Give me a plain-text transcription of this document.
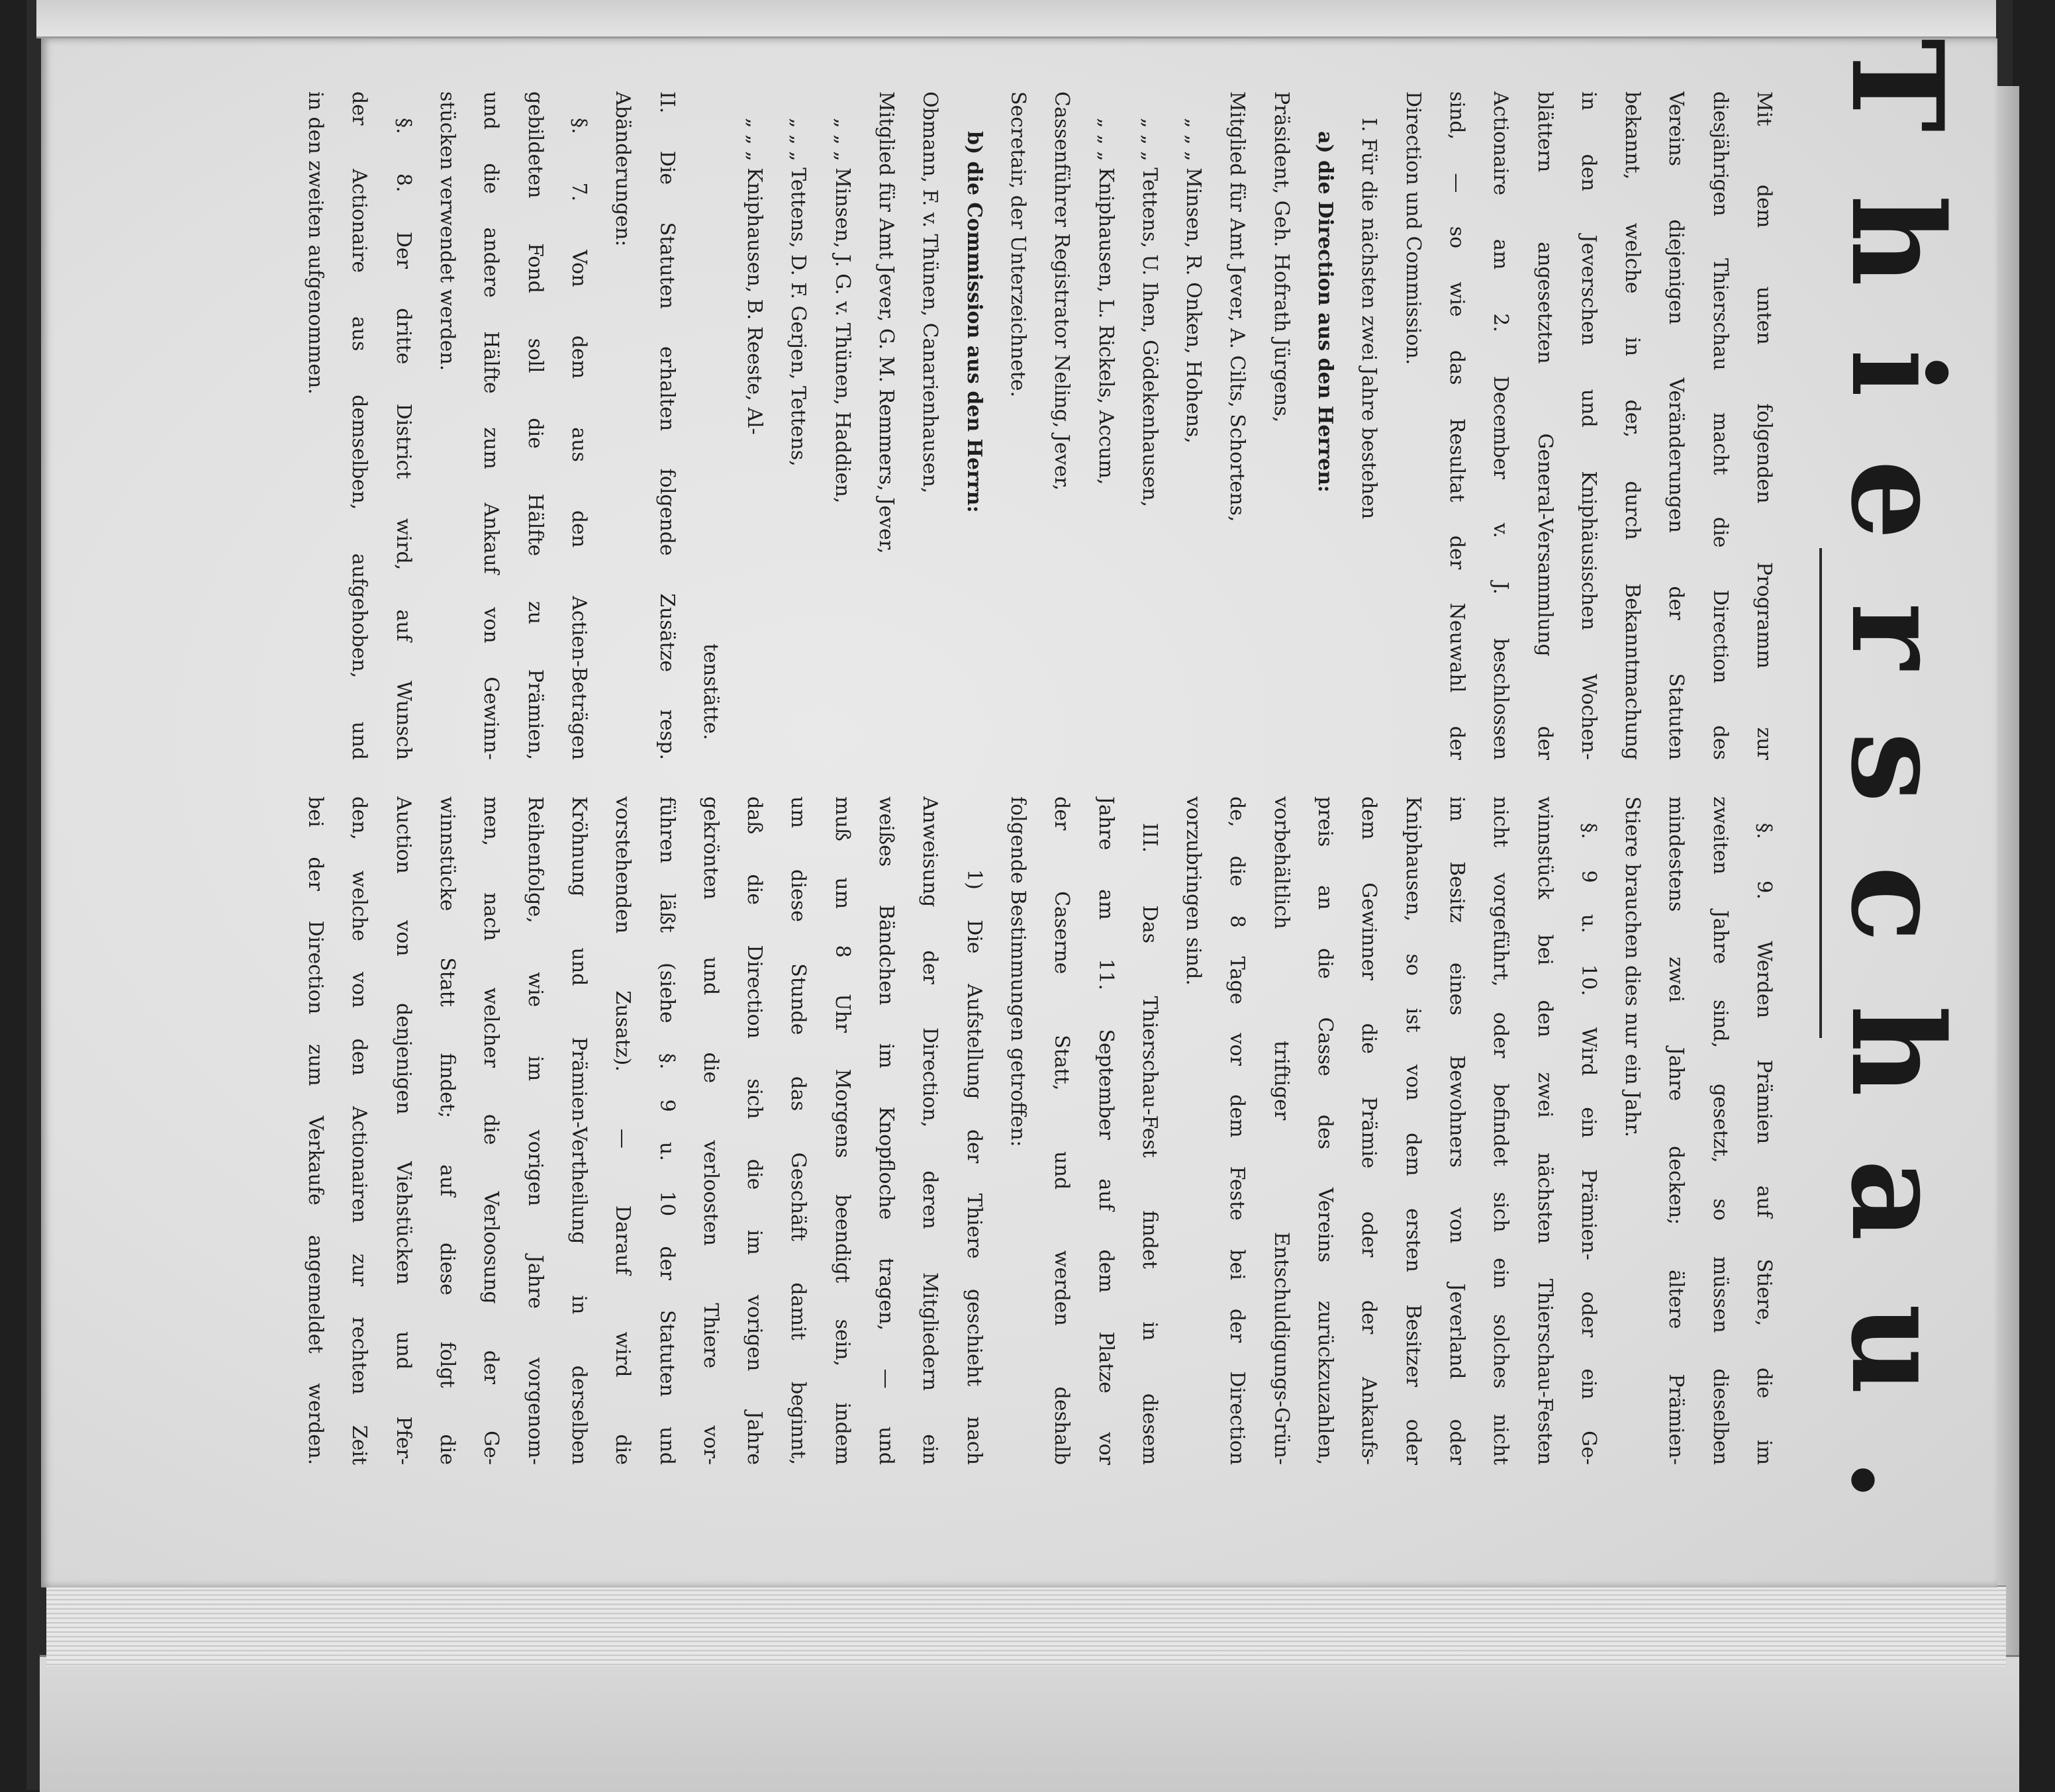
Thierschau.

Mit dem unten folgenden Programm zur

diesjährigen Thierschau macht die Direction des

Vereins diejenigen Veränderungen der Statuten

bekannt, welche in der, durch Bekanntmachung

in den Jeverschen und Kniphäusischen Wochen-

blättern angesetzten General-Versammlung der

Actionaire am 2. December v. J. beschlossen

sind, — so wie das Resultat der Neuwahl der

Direction und Commission.

I. Für die nächsten zwei Jahre bestehen

a) die Direction aus den Herren:

Präsident, Geh. Hofrath Jürgens,

Mitglied für Amt Jever, A. Cilts, Schortens,

„ „ „ Minsen, R. Onken, Hohens,

„ „ „ Tettens, U. Ihen, Gödekenhausen,

„ „ „ Kniphausen, L. Rickels, Accum,

Cassenführer Registrator Neling, Jever,

Secretair, der Unterzeichnete.

b) die Commission aus den Herrn:

Obmann, F. v. Thünen, Canarienhausen,

Mitglied für Amt Jever, G. M. Remmers, Jever,

„ „ „ Minsen, J. G. v. Thünen, Haddien,

„ „ „ Tettens, D. F. Gerjen, Tettens,

„ „ „ Kniphausen, B. Reeste, Al-

tenstätte.

II. Die Statuten erhalten folgende Zusätze resp.

Abänderungen:

§. 7. Von dem aus den Actien-Beträgen

gebildeten Fond soll die Hälfte zu Prämien,

und die andere Hälfte zum Ankauf von Gewinn-

stücken verwendet werden.

§. 8. Der dritte District wird, auf Wunsch

der Actionaire aus demselben, aufgehoben, und

in den zweiten aufgenommen.

§. 9. Werden Prämien auf Stiere, die im

zweiten Jahre sind, gesetzt, so müssen dieselben

mindestens zwei Jahre decken; ältere Prämien-

Stiere brauchen dies nur ein Jahr.

§. 9 u. 10. Wird ein Prämien- oder ein Ge-

winnstück bei den zwei nächsten Thierschau-Festen

nicht vorgeführt, oder befindet sich ein solches nicht

im Besitz eines Bewohners von Jeverland oder

Kniphausen, so ist von dem ersten Besitzer oder

dem Gewinner die Prämie oder der Ankaufs-

preis an die Casse des Vereins zurückzuzahlen,

vorbehältlich triftiger Entschuldigungs-Grün-

de, die 8 Tage vor dem Feste bei der Direction

vorzubringen sind.

III. Das Thierschau-Fest findet in diesem

Jahre am 11. September auf dem Platze vor

der Caserne Statt, und werden deshalb

folgende Bestimmungen getroffen:

1) Die Aufstellung der Thiere geschieht nach

Anweisung der Direction, deren Mitgliedern ein

weißes Bändchen im Knopfloche tragen, — und

muß um 8 Uhr Morgens beendigt sein, indem

um diese Stunde das Geschäft damit beginnt,

daß die Direction sich die im vorigen Jahre

gekrönten und die verloosten Thiere vor-

führen läßt (siehe §. 9 u. 10 der Statuten und

vorstehenden Zusatz). — Darauf wird die

Kröhnung und Prämien-Vertheilung in derselben

Reihenfolge, wie im vorigen Jahre vorgenom-

men, nach welcher die Verloosung der Ge-

winnstücke Statt findet; auf diese folgt die

Auction von denjenigen Viehstücken und Pfer-

den, welche von den Actionairen zur rechten Zeit

bei der Direction zum Verkaufe angemeldet werden.
